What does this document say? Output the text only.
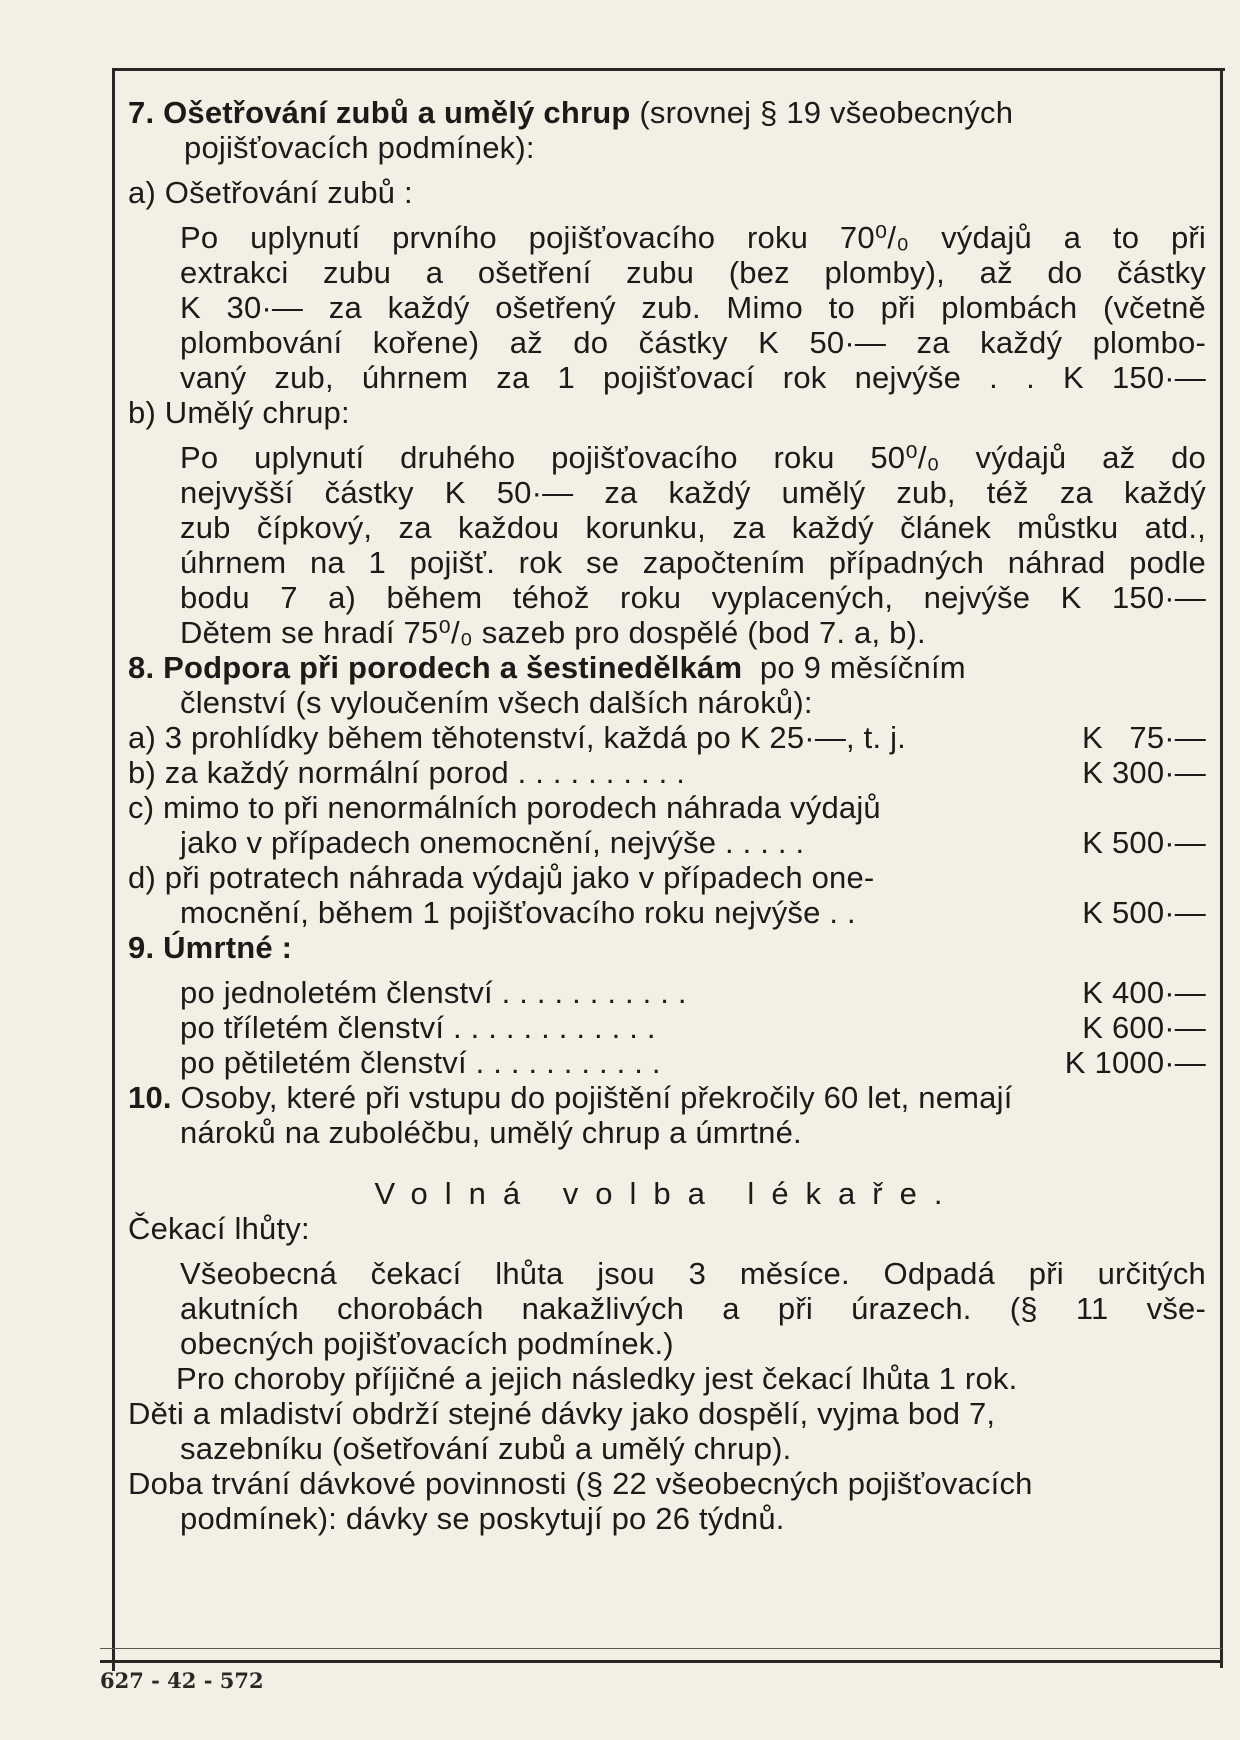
7.
Ošetřování zubů a umělý chrup
(srovnej § 19 všeobecných
pojišťovacích podmínek):
a) Ošetřování zubů :
Po uplynutí prvního pojišťovacího roku 70⁰/₀ výdajů a to při
extrakci zubu a ošetření zubu (bez plomby), až do částky
K 30·— za každý ošetřený zub. Mimo to při plombách (včetně
plombování kořene) až do částky K 50·— za každý plombo-
vaný zub, úhrnem za 1 pojišťovací rok nejvýše . . K 150·—
b) Umělý chrup:
Po uplynutí druhého pojišťovacího roku 50⁰/₀ výdajů až do
nejvyšší částky K 50·— za každý umělý zub, též za každý
zub čípkový, za každou korunku, za každý článek můstku atd.,
úhrnem na 1 pojišť. rok se započtením případných náhrad podle
bodu 7 a) během téhož roku vyplacených, nejvýše K 150·—
Dětem se hradí 75⁰/₀ sazeb pro dospělé (bod 7. a, b).
8.
Podpora při porodech a šestinedělkám
po 9 měsíčním
členství (s vyloučením všech dalších nároků):
a) 3 prohlídky během těhotenství, každá po K 25·—, t. j.	K 75·—
b) za každý normální porod . . . . . . . . . .	K 300·—
c) mimo to při nenormálních porodech náhrada výdajů
jako v případech onemocnění, nejvýše . . . . .	K 500·—
d) při potratech náhrada výdajů jako v případech one-
mocnění, během 1 pojišťovacího roku nejvýše . .	K 500·—
9.
Úmrtné :
po jednoletém členství . . . . . . . . . . .	K 400·—
po tříletém členství . . . . . . . . . . . .	K 600·—
po pětiletém členství . . . . . . . . . . .	K 1000·—
10.
Osoby, které při vstupu do pojištění překročily 60 let, nemají
nároků na zuboléčbu, umělý chrup a úmrtné.
Volná volba lékaře.
Čekací lhůty:
Všeobecná čekací lhůta jsou 3 měsíce. Odpadá při určitých
akutních chorobách nakažlivých a při úrazech. (§ 11 vše-
obecných pojišťovacích podmínek.)
Pro choroby příjičné a jejich následky jest čekací lhůta 1 rok.
Děti a mladiství obdrží stejné dávky jako dospělí, vyjma bod 7,
sazebníku (ošetřování zubů a umělý chrup).
Doba trvání dávkové povinnosti (§ 22 všeobecných pojišťovacích
podmínek): dávky se poskytují po 26 týdnů.
627 - 42 - 572
